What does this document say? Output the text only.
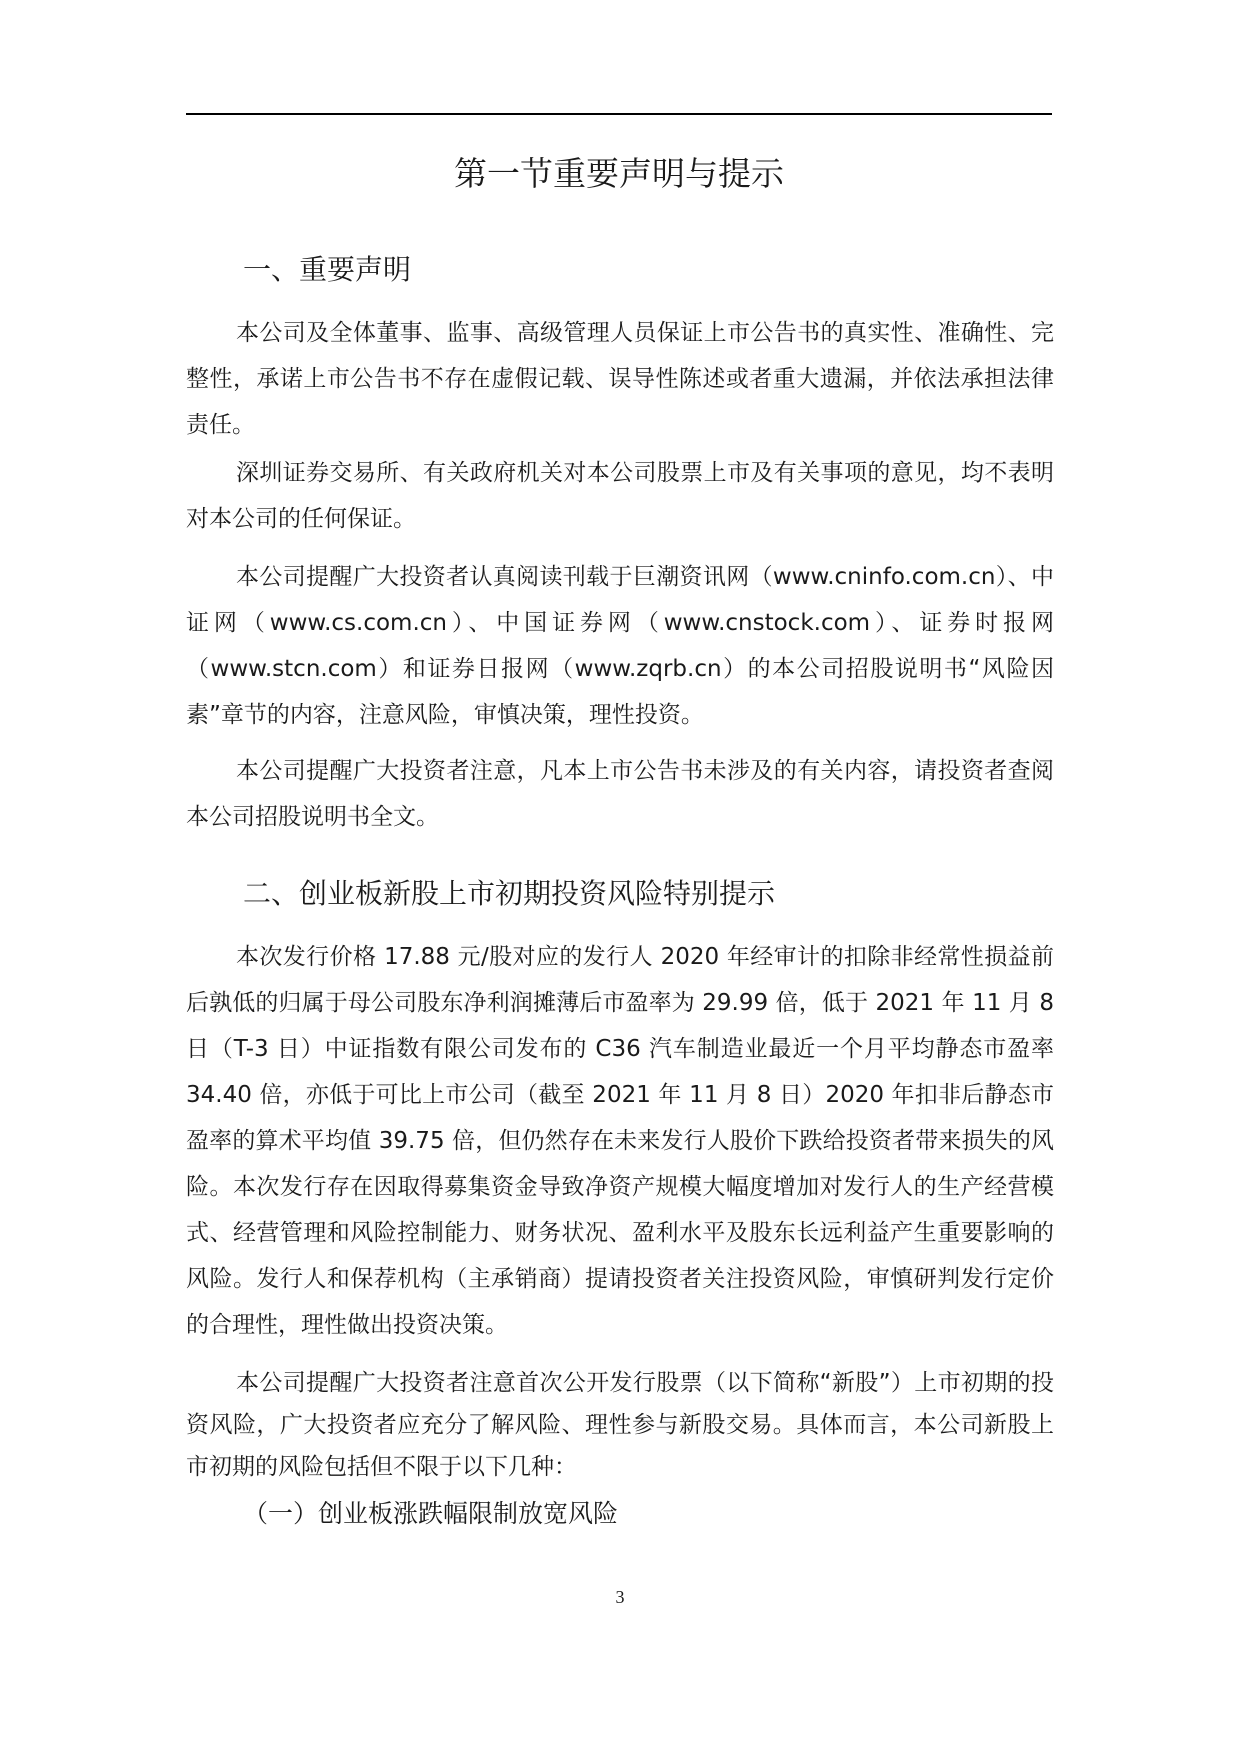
第一节重要声明与提示
一、重要声明

本公司及全体董事、监事、高级管理人员保证上市公告书的真实性、准确性、完整性，承诺上市公告书不存在虚假记载、误导性陈述或者重大遗漏，并依法承担法律责任。

深圳证券交易所、有关政府机关对本公司股票上市及有关事项的意见，均不表明对本公司的任何保证。

本公司提醒广大投资者认真阅读刊载于巨潮资讯网（www.cninfo.com.cn）、中证网（www.cs.com.cn）、中国证券网（www.cnstock.com）、证券时报网（www.stcn.com）和证券日报网（www.zqrb.cn）的本公司招股说明书“风险因素”章节的内容，注意风险，审慎决策，理性投资。

本公司提醒广大投资者注意，凡本上市公告书未涉及的有关内容，请投资者查阅本公司招股说明书全文。

二、创业板新股上市初期投资风险特别提示

本次发行价格 17.88 元/股对应的发行人 2020 年经审计的扣除非经常性损益前后孰低的归属于母公司股东净利润摊薄后市盈率为 29.99 倍，低于 2021 年 11 月 8 日（T-3 日）中证指数有限公司发布的 C36 汽车制造业最近一个月平均静态市盈率 34.40 倍，亦低于可比上市公司（截至 2021 年 11 月 8 日）2020 年扣非后静态市盈率的算术平均值 39.75 倍，但仍然存在未来发行人股价下跌给投资者带来损失的风险。本次发行存在因取得募集资金导致净资产规模大幅度增加对发行人的生产经营模式、经营管理和风险控制能力、财务状况、盈利水平及股东长远利益产生重要影响的风险。发行人和保荐机构（主承销商）提请投资者关注投资风险，审慎研判发行定价的合理性，理性做出投资决策。

本公司提醒广大投资者注意首次公开发行股票（以下简称“新股”）上市初期的投资风险，广大投资者应充分了解风险、理性参与新股交易。具体而言，本公司新股上市初期的风险包括但不限于以下几种：

（一）创业板涨跌幅限制放宽风险
3
